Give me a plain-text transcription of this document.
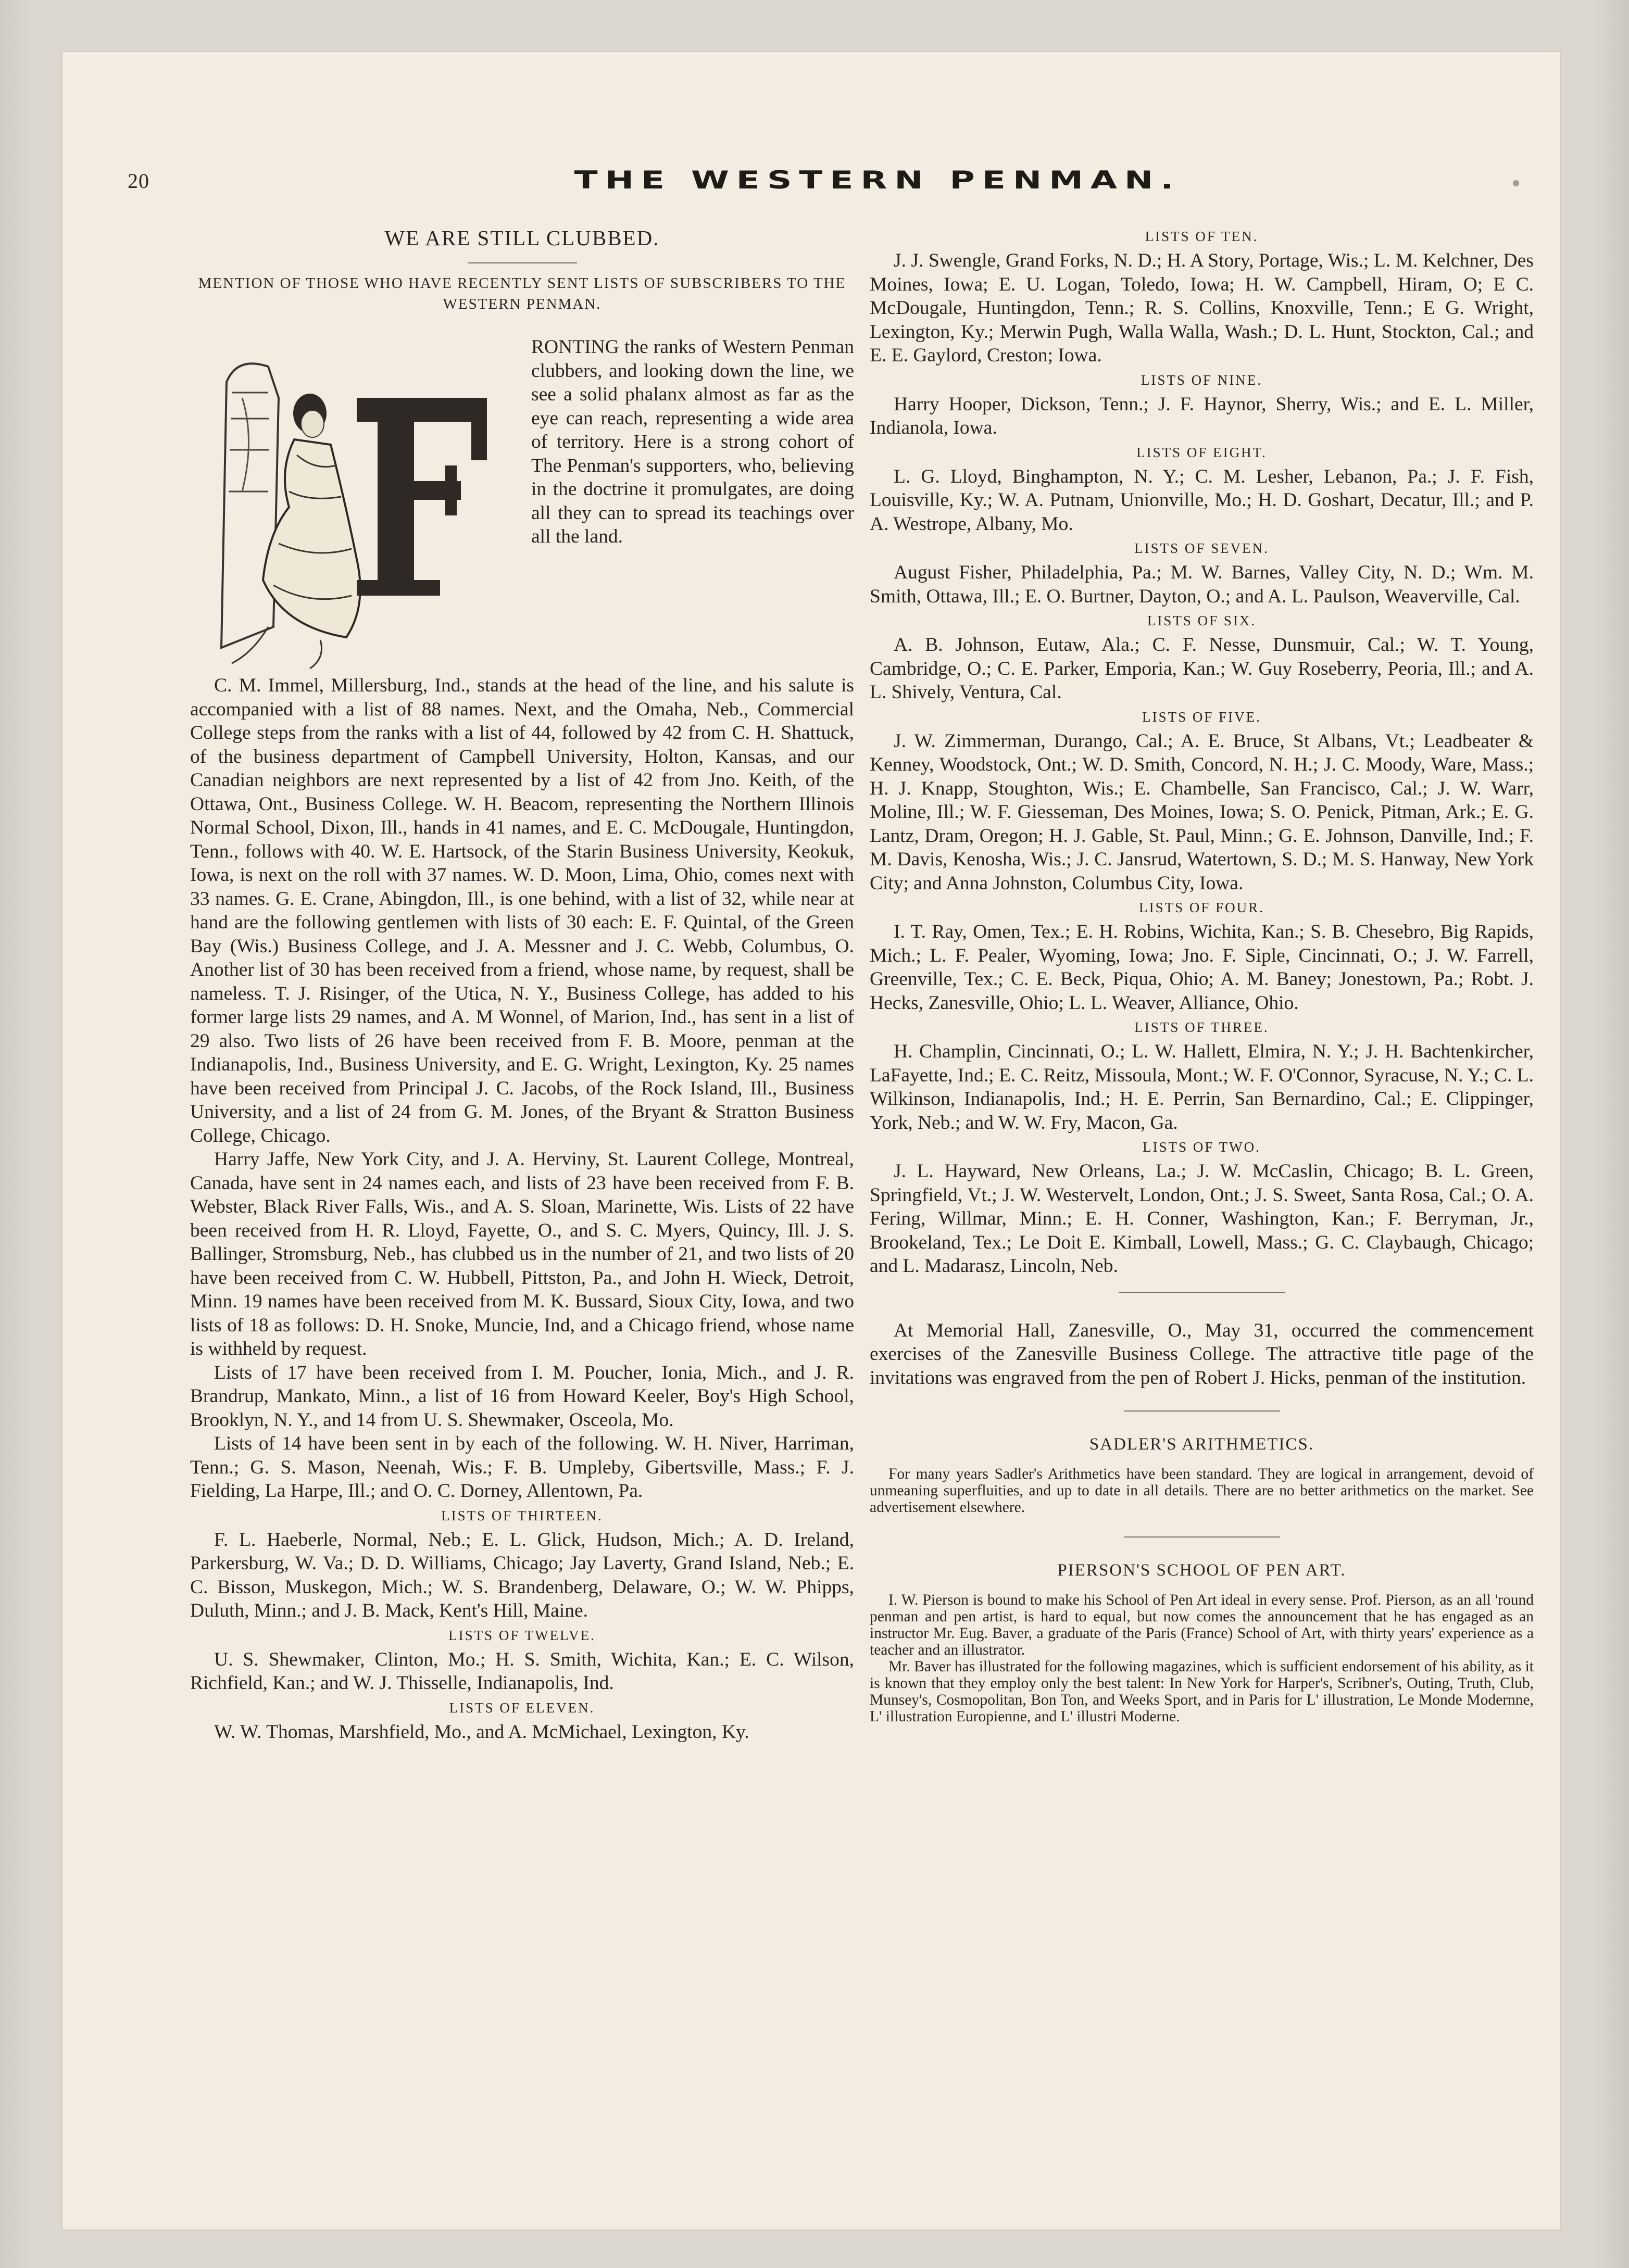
20	THE WESTERN PENMAN.
WE ARE STILL CLUBBED.
MENTION OF THOSE WHO HAVE RECENTLY SENT LISTS OF SUBSCRIBERS TO THE WESTERN PENMAN.
F

RONTING the ranks of Western Penman clubbers, and looking down the line, we see a solid phalanx almost as far as the eye can reach, representing a wide area of territory. Here is a strong cohort of The Penman's supporters, who, believing in the doctrine it promulgates, are doing all they can to spread its teachings over all the land.

C. M. Immel, Millersburg, Ind., stands at the head of the line, and his salute is accompanied with a list of 88 names. Next, and the Omaha, Neb., Commercial College steps from the ranks with a list of 44, followed by 42 from C. H. Shattuck, of the business department of Campbell University, Holton, Kansas, and our Canadian neighbors are next represented by a list of 42 from Jno. Keith, of the Ottawa, Ont., Business College. W. H. Beacom, representing the Northern Illinois Normal School, Dixon, Ill., hands in 41 names, and E. C. McDougale, Huntingdon, Tenn., follows with 40. W. E. Hartsock, of the Starin Business University, Keokuk, Iowa, is next on the roll with 37 names. W. D. Moon, Lima, Ohio, comes next with 33 names. G. E. Crane, Abingdon, Ill., is one behind, with a list of 32, while near at hand are the following gentlemen with lists of 30 each: E. F. Quintal, of the Green Bay (Wis.) Business College, and J. A. Messner and J. C. Webb, Columbus, O. Another list of 30 has been received from a friend, whose name, by request, shall be nameless. T. J. Risinger, of the Utica, N. Y., Business College, has added to his former large lists 29 names, and A. M Wonnel, of Marion, Ind., has sent in a list of 29 also. Two lists of 26 have been received from F. B. Moore, penman at the Indianapolis, Ind., Business University, and E. G. Wright, Lexington, Ky. 25 names have been received from Principal J. C. Jacobs, of the Rock Island, Ill., Business University, and a list of 24 from G. M. Jones, of the Bryant & Stratton Business College, Chicago.

Harry Jaffe, New York City, and J. A. Herviny, St. Laurent College, Montreal, Canada, have sent in 24 names each, and lists of 23 have been received from F. B. Webster, Black River Falls, Wis., and A. S. Sloan, Marinette, Wis. Lists of 22 have been received from H. R. Lloyd, Fayette, O., and S. C. Myers, Quincy, Ill. J. S. Ballinger, Stromsburg, Neb., has clubbed us in the number of 21, and two lists of 20 have been received from C. W. Hubbell, Pittston, Pa., and John H. Wieck, Detroit, Minn. 19 names have been received from M. K. Bussard, Sioux City, Iowa, and two lists of 18 as follows: D. H. Snoke, Muncie, Ind, and a Chicago friend, whose name is withheld by request.

Lists of 17 have been received from I. M. Poucher, Ionia, Mich., and J. R. Brandrup, Mankato, Minn., a list of 16 from Howard Keeler, Boy's High School, Brooklyn, N. Y., and 14 from U. S. Shewmaker, Osceola, Mo.

Lists of 14 have been sent in by each of the following. W. H. Niver, Harriman, Tenn.; G. S. Mason, Neenah, Wis.; F. B. Umpleby, Gibertsville, Mass.; F. J. Fielding, La Harpe, Ill.; and O. C. Dorney, Allentown, Pa.

LISTS OF THIRTEEN.

F. L. Haeberle, Normal, Neb.; E. L. Glick, Hudson, Mich.; A. D. Ireland, Parkersburg, W. Va.; D. D. Williams, Chicago; Jay Laverty, Grand Island, Neb.; E. C. Bisson, Muskegon, Mich.; W. S. Brandenberg, Delaware, O.; W. W. Phipps, Duluth, Minn.; and J. B. Mack, Kent's Hill, Maine.

LISTS OF TWELVE.

U. S. Shewmaker, Clinton, Mo.; H. S. Smith, Wichita, Kan.; E. C. Wilson, Richfield, Kan.; and W. J. Thisselle, Indianapolis, Ind.

LISTS OF ELEVEN.

W. W. Thomas, Marshfield, Mo., and A. McMichael, Lexington, Ky.

LISTS OF TEN.

J. J. Swengle, Grand Forks, N. D.; H. A Story, Portage, Wis.; L. M. Kelchner, Des Moines, Iowa; E. U. Logan, Toledo, Iowa; H. W. Campbell, Hiram, O; E C. McDougale, Huntingdon, Tenn.; R. S. Collins, Knoxville, Tenn.; E G. Wright, Lexington, Ky.; Merwin Pugh, Walla Walla, Wash.; D. L. Hunt, Stockton, Cal.; and E. E. Gaylord, Creston; Iowa.

LISTS OF NINE.

Harry Hooper, Dickson, Tenn.; J. F. Haynor, Sherry, Wis.; and E. L. Miller, Indianola, Iowa.

LISTS OF EIGHT.

L. G. Lloyd, Binghampton, N. Y.; C. M. Lesher, Lebanon, Pa.; J. F. Fish, Louisville, Ky.; W. A. Putnam, Unionville, Mo.; H. D. Goshart, Decatur, Ill.; and P. A. Westrope, Albany, Mo.

LISTS OF SEVEN.

August Fisher, Philadelphia, Pa.; M. W. Barnes, Valley City, N. D.; Wm. M. Smith, Ottawa, Ill.; E. O. Burtner, Dayton, O.; and A. L. Paulson, Weaverville, Cal.

LISTS OF SIX.

A. B. Johnson, Eutaw, Ala.; C. F. Nesse, Dunsmuir, Cal.; W. T. Young, Cambridge, O.; C. E. Parker, Emporia, Kan.; W. Guy Roseberry, Peoria, Ill.; and A. L. Shively, Ventura, Cal.

LISTS OF FIVE.

J. W. Zimmerman, Durango, Cal.; A. E. Bruce, St Albans, Vt.; Leadbeater & Kenney, Woodstock, Ont.; W. D. Smith, Concord, N. H.; J. C. Moody, Ware, Mass.; H. J. Knapp, Stoughton, Wis.; E. Chambelle, San Francisco, Cal.; J. W. Warr, Moline, Ill.; W. F. Giesseman, Des Moines, Iowa; S. O. Penick, Pitman, Ark.; E. G. Lantz, Dram, Oregon; H. J. Gable, St. Paul, Minn.; G. E. Johnson, Danville, Ind.; F. M. Davis, Kenosha, Wis.; J. C. Jansrud, Watertown, S. D.; M. S. Hanway, New York City; and Anna Johnston, Columbus City, Iowa.

LISTS OF FOUR.

I. T. Ray, Omen, Tex.; E. H. Robins, Wichita, Kan.; S. B. Chesebro, Big Rapids, Mich.; L. F. Pealer, Wyoming, Iowa; Jno. F. Siple, Cincinnati, O.; J. W. Farrell, Greenville, Tex.; C. E. Beck, Piqua, Ohio; A. M. Baney; Jonestown, Pa.; Robt. J. Hecks, Zanesville, Ohio; L. L. Weaver, Alliance, Ohio.

LISTS OF THREE.

H. Champlin, Cincinnati, O.; L. W. Hallett, Elmira, N. Y.; J. H. Bachtenkircher, LaFayette, Ind.; E. C. Reitz, Missoula, Mont.; W. F. O'Connor, Syracuse, N. Y.; C. L. Wilkinson, Indianapolis, Ind.; H. E. Perrin, San Bernardino, Cal.; E. Clippinger, York, Neb.; and W. W. Fry, Macon, Ga.

LISTS OF TWO.

J. L. Hayward, New Orleans, La.; J. W. McCaslin, Chicago; B. L. Green, Springfield, Vt.; J. W. Westervelt, London, Ont.; J. S. Sweet, Santa Rosa, Cal.; O. A. Fering, Willmar, Minn.; E. H. Conner, Washington, Kan.; F. Berryman, Jr., Brookeland, Tex.; Le Doit E. Kimball, Lowell, Mass.; G. C. Claybaugh, Chicago; and L. Madarasz, Lincoln, Neb.

At Memorial Hall, Zanesville, O., May 31, occurred the commencement exercises of the Zanesville Business College. The attractive title page of the invitations was engraved from the pen of Robert J. Hicks, penman of the institution.

SADLER'S ARITHMETICS.

For many years Sadler's Arithmetics have been standard. They are logical in arrangement, devoid of unmeaning superfluities, and up to date in all details. There are no better arithmetics on the market. See advertisement elsewhere.

PIERSON'S SCHOOL OF PEN ART.

I. W. Pierson is bound to make his School of Pen Art ideal in every sense. Prof. Pierson, as an all 'round penman and pen artist, is hard to equal, but now comes the announcement that he has engaged as an instructor Mr. Eug. Baver, a graduate of the Paris (France) School of Art, with thirty years' experience as a teacher and an illustrator.

Mr. Baver has illustrated for the following magazines, which is sufficient endorsement of his ability, as it is known that they employ only the best talent: In New York for Harper's, Scribner's, Outing, Truth, Club, Munsey's, Cosmopolitan, Bon Ton, and Weeks Sport, and in Paris for L' illustration, Le Monde Modernne, L' illustration Europienne, and L' illustri Moderne.
